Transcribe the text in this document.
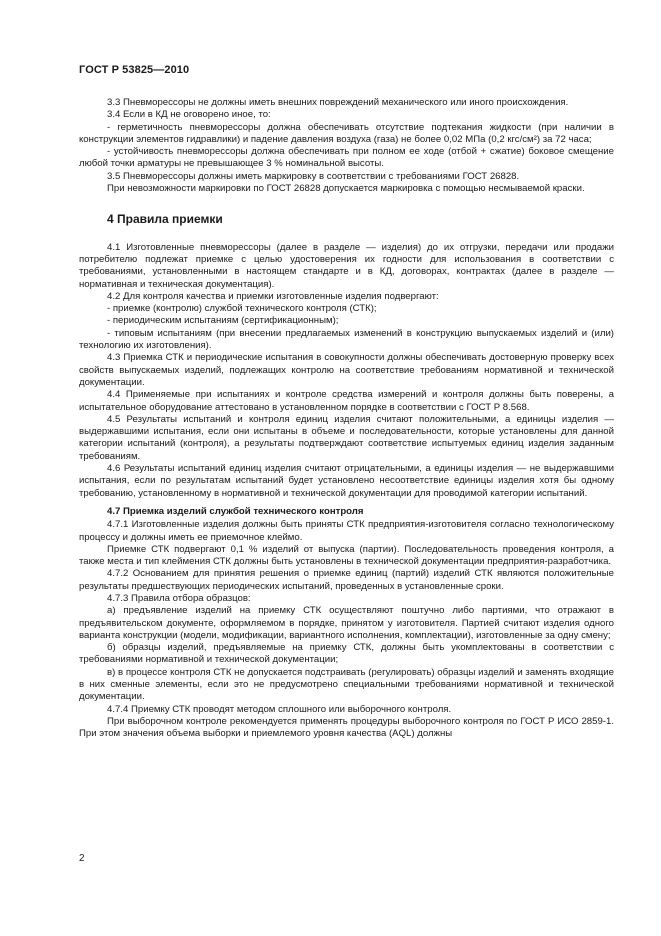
ГОСТ Р 53825—2010

3.3 Пневморессоры не должны иметь внешних повреждений механического или иного происхождения.

3.4 Если в КД не оговорено иное, то:

- герметичность пневморессоры должна обеспечивать отсутствие подтекания жидкости (при наличии в конструкции элементов гидравлики) и падение давления воздуха (газа) не более 0,02 МПа (0,2 кгс/см²) за 72 часа;

- устойчивость пневморессоры должна обеспечивать при полном ее ходе (отбой + сжатие) боковое смещение любой точки арматуры не превышающее 3 % номинальной высоты.

3.5 Пневморессоры должны иметь маркировку в соответствии с требованиями ГОСТ 26828.

При невозможности маркировки по ГОСТ 26828 допускается маркировка с помощью несмываемой краски.

4 Правила приемки

4.1 Изготовленные пневморессоры (далее в разделе — изделия) до их отгрузки, передачи или продажи потребителю подлежат приемке с целью удостоверения их годности для использования в соответствии с требованиями, установленными в настоящем стандарте и в КД, договорах, контрактах (далее в разделе — нормативная и техническая документация).

4.2 Для контроля качества и приемки изготовленные изделия подвергают:

- приемке (контролю) службой технического контроля (СТК);

- периодическим испытаниям (сертификационным);

- типовым испытаниям (при внесении предлагаемых изменений в конструкцию выпускаемых изделий и (или) технологию их изготовления).

4.3 Приемка СТК и периодические испытания в совокупности должны обеспечивать достоверную проверку всех свойств выпускаемых изделий, подлежащих контролю на соответствие требованиям нормативной и технической документации.

4.4 Применяемые при испытаниях и контроле средства измерений и контроля должны быть поверены, а испытательное оборудование аттестовано в установленном порядке в соответствии с ГОСТ Р 8.568.

4.5 Результаты испытаний и контроля единиц изделия считают положительными, а единицы изделия — выдержавшими испытания, если они испытаны в объеме и последовательности, которые установлены для данной категории испытаний (контроля), а результаты подтверждают соответствие испытуемых единиц изделия заданным требованиям.

4.6 Результаты испытаний единиц изделия считают отрицательными, а единицы изделия — не выдержавшими испытания, если по результатам испытаний будет установлено несоответствие единицы изделия хотя бы одному требованию, установленному в нормативной и технической документации для проводимой категории испытаний.

4.7 Приемка изделий службой технического контроля

4.7.1 Изготовленные изделия должны быть приняты СТК предприятия-изготовителя согласно технологическому процессу и должны иметь ее приемочное клеймо.

Приемке СТК подвергают 0,1 % изделий от выпуска (партии). Последовательность проведения контроля, а также места и тип клеймения СТК должны быть установлены в технической документации предприятия-разработчика.

4.7.2 Основанием для принятия решения о приемке единиц (партий) изделий СТК являются положительные результаты предшествующих периодических испытаний, проведенных в установленные сроки.

4.7.3 Правила отбора образцов:

а) предъявление изделий на приемку СТК осуществляют поштучно либо партиями, что отражают в предъявительском документе, оформляемом в порядке, принятом у изготовителя. Партией считают изделия одного варианта конструкции (модели, модификации, вариантного исполнения, комплектации), изготовленные за одну смену;

б) образцы изделий, предъявляемые на приемку СТК, должны быть укомплектованы в соответствии с требованиями нормативной и технической документации;

в) в процессе контроля СТК не допускается подстраивать (регулировать) образцы изделий и заменять входящие в них сменные элементы, если это не предусмотрено специальными требованиями нормативной и технической документации.

4.7.4 Приемку СТК проводят методом сплошного или выборочного контроля.

При выборочном контроле рекомендуется применять процедуры выборочного контроля по ГОСТ Р ИСО 2859-1. При этом значения объема выборки и приемлемого уровня качества (AQL) должны

2
